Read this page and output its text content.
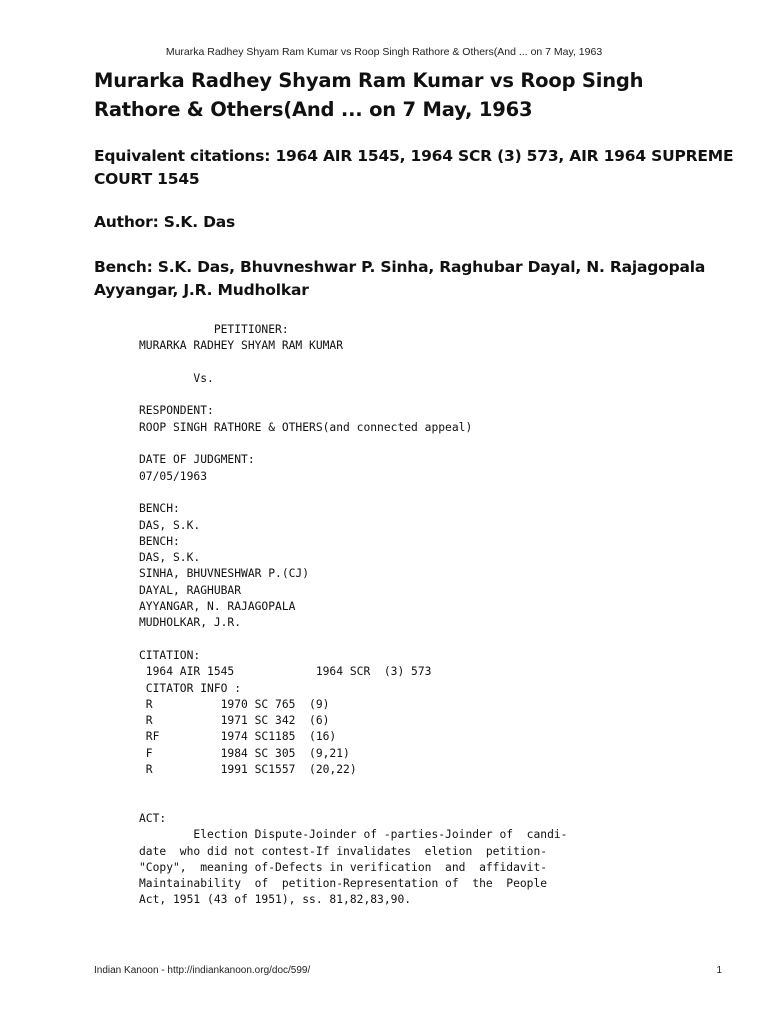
Murarka Radhey Shyam Ram Kumar vs Roop Singh Rathore & Others(And ... on 7 May, 1963
Murarka Radhey Shyam Ram Kumar vs Roop Singh Rathore & Others(And ... on 7 May, 1963
Equivalent citations: 1964 AIR 1545, 1964 SCR (3) 573, AIR 1964 SUPREME COURT 1545
Author: S.K. Das
Bench: S.K. Das, Bhuvneshwar P. Sinha, Raghubar Dayal, N. Rajagopala Ayyangar, J.R. Mudholkar
PETITIONER:
MURARKA RADHEY SHYAM RAM KUMAR

Vs.

RESPONDENT:
ROOP SINGH RATHORE & OTHERS(and connected appeal)

DATE OF JUDGMENT:
07/05/1963

BENCH:
DAS, S.K.
BENCH:
DAS, S.K.
SINHA, BHUVNESHWAR P.(CJ)
DAYAL, RAGHUBAR
AYYANGAR, N. RAJAGOPALA
MUDHOLKAR, J.R.

CITATION:
1964 AIR 1545            1964 SCR  (3) 573
CITATOR INFO :
R          1970 SC 765  (9)
R          1971 SC 342  (6)
RF         1974 SC1185  (16)
F          1984 SC 305  (9,21)
R          1991 SC1557  (20,22)

ACT:
Election Dispute-Joinder of -parties-Joinder of  candi-
date  who did not contest-If invalidates  eletion  petition-
"Copy",  meaning of-Defects in verification  and  affidavit-
Maintainability  of  petition-Representation of  the  People
Act, 1951 (43 of 1951), ss. 81,82,83,90.
Indian Kanoon - http://indiankanoon.org/doc/599/	1
